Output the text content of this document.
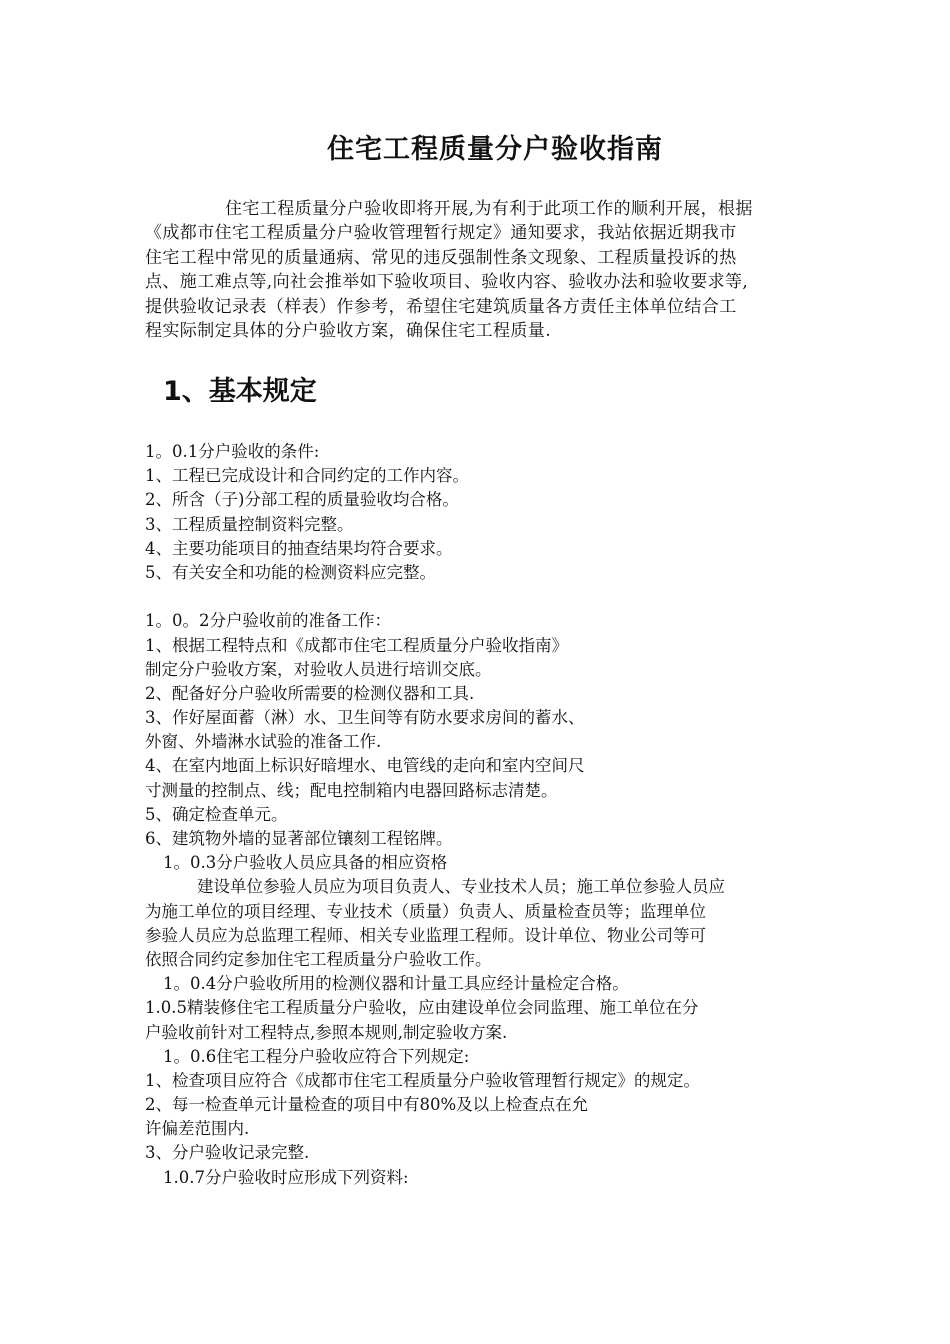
住宅工程质量分户验收指南
住宅工程质量分户验收即将开展,为有利于此项工作的顺利开展，根据
《成都市住宅工程质量分户验收管理暂行规定》通知要求，我站依据近期我市
住宅工程中常见的质量通病、常见的违反强制性条文现象、工程质量投诉的热
点、施工难点等,向社会推举如下验收项目、验收内容、验收办法和验收要求等,
提供验收记录表（样表）作参考，希望住宅建筑质量各方责任主体单位结合工
程实际制定具体的分户验收方案，确保住宅工程质量.
1、基本规定
1。0.1分户验收的条件:
1、工程已完成设计和合同约定的工作内容。
2、所含（子)分部工程的质量验收均合格。
3、工程质量控制资料完整。
4、主要功能项目的抽查结果均符合要求。
5、有关安全和功能的检测资料应完整。
1。0。2分户验收前的准备工作：
1、根据工程特点和《成都市住宅工程质量分户验收指南》
制定分户验收方案，对验收人员进行培训交底。
2、配备好分户验收所需要的检测仪器和工具.
3、作好屋面蓄（淋）水、卫生间等有防水要求房间的蓄水、
外窗、外墙淋水试验的准备工作.
4、在室内地面上标识好暗埋水、电管线的走向和室内空间尺
寸测量的控制点、线；配电控制箱内电器回路标志清楚。
5、确定检查单元。
6、建筑物外墙的显著部位镶刻工程铭牌。
1。0.3分户验收人员应具备的相应资格
建设单位参验人员应为项目负责人、专业技术人员；施工单位参验人员应
为施工单位的项目经理、专业技术（质量）负责人、质量检查员等；监理单位
参验人员应为总监理工程师、相关专业监理工程师。设计单位、物业公司等可
依照合同约定参加住宅工程质量分户验收工作。
1。0.4分户验收所用的检测仪器和计量工具应经计量检定合格。
1.0.5精装修住宅工程质量分户验收，应由建设单位会同监理、施工单位在分
户验收前针对工程特点,参照本规则,制定验收方案.
1。0.6住宅工程分户验收应符合下列规定:
1、检查项目应符合《成都市住宅工程质量分户验收管理暂行规定》的规定。
2、每一检查单元计量检查的项目中有80%及以上检查点在允
许偏差范围内.
3、分户验收记录完整.
1.0.7分户验收时应形成下列资料:
